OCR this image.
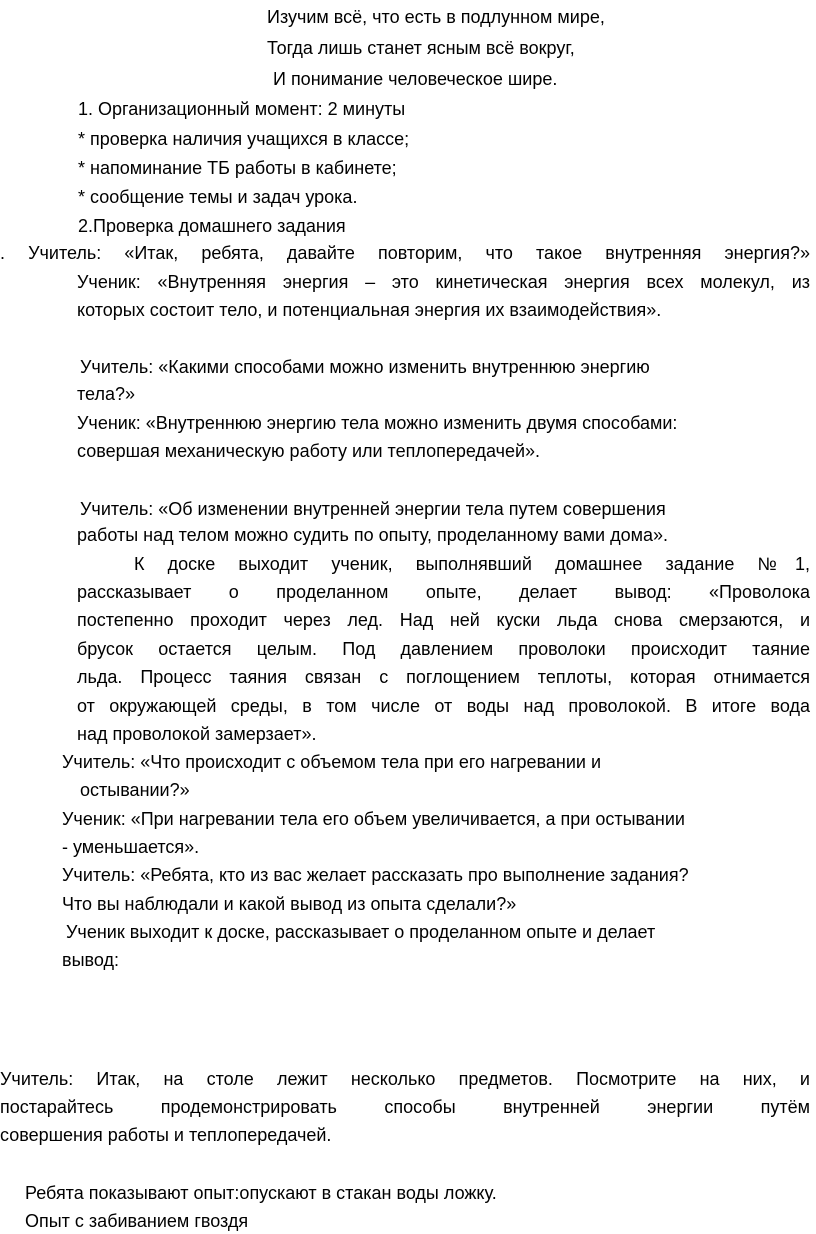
Изучим всё, что есть в подлунном мире,

Тогда лишь станет ясным всё вокруг,

И понимание человеческое шире.

1. Организационный момент: 2 минуты

* проверка наличия учащихся в классе;

* напоминание ТБ работы в кабинете;

* сообщение темы и задач урока.

2.Проверка домашнего задания

. Учитель: «Итак, ребята, давайте повторим, что такое внутренняя энергия?»

Ученик: «Внутренняя энергия – это кинетическая энергия всех молекул, из

которых состоит тело, и потенциальная энергия их взаимодействия».

Учитель: «Какими способами можно изменить внутреннюю энергию

тела?»

Ученик: «Внутреннюю энергию тела можно изменить двумя способами:

совершая механическую работу или теплопередачей».

Учитель: «Об изменении внутренней энергии тела путем совершения

работы над телом можно судить по опыту, проделанному вами дома».

К доске выходит ученик, выполнявший домашнее задание №1,

рассказывает о проделанном опыте, делает вывод: «Проволока

постепенно проходит через лед. Над ней куски льда снова смерзаются, и

брусок остается целым. Под давлением проволоки происходит таяние

льда. Процесс таяния связан с поглощением теплоты, которая отнимается

от окружающей среды, в том числе от воды над проволокой. В итоге вода

над проволокой замерзает».

Учитель: «Что происходит с объемом тела при его нагревании и

остывании?»

Ученик: «При нагревании тела его объем увеличивается, а при остывании

- уменьшается».

Учитель: «Ребята, кто из вас желает рассказать про выполнение задания?

Что вы наблюдали и какой вывод из опыта сделали?»

Ученик выходит к доске, рассказывает о проделанном опыте и делает

вывод:

Учитель: Итак, на столе лежит несколько предметов. Посмотрите на них, и

постарайтесь продемонстрировать способы внутренней энергии путём

совершения работы и теплопередачей.

Ребята показывают опыт:опускают в стакан воды ложку.

Опыт с забиванием гвоздя
